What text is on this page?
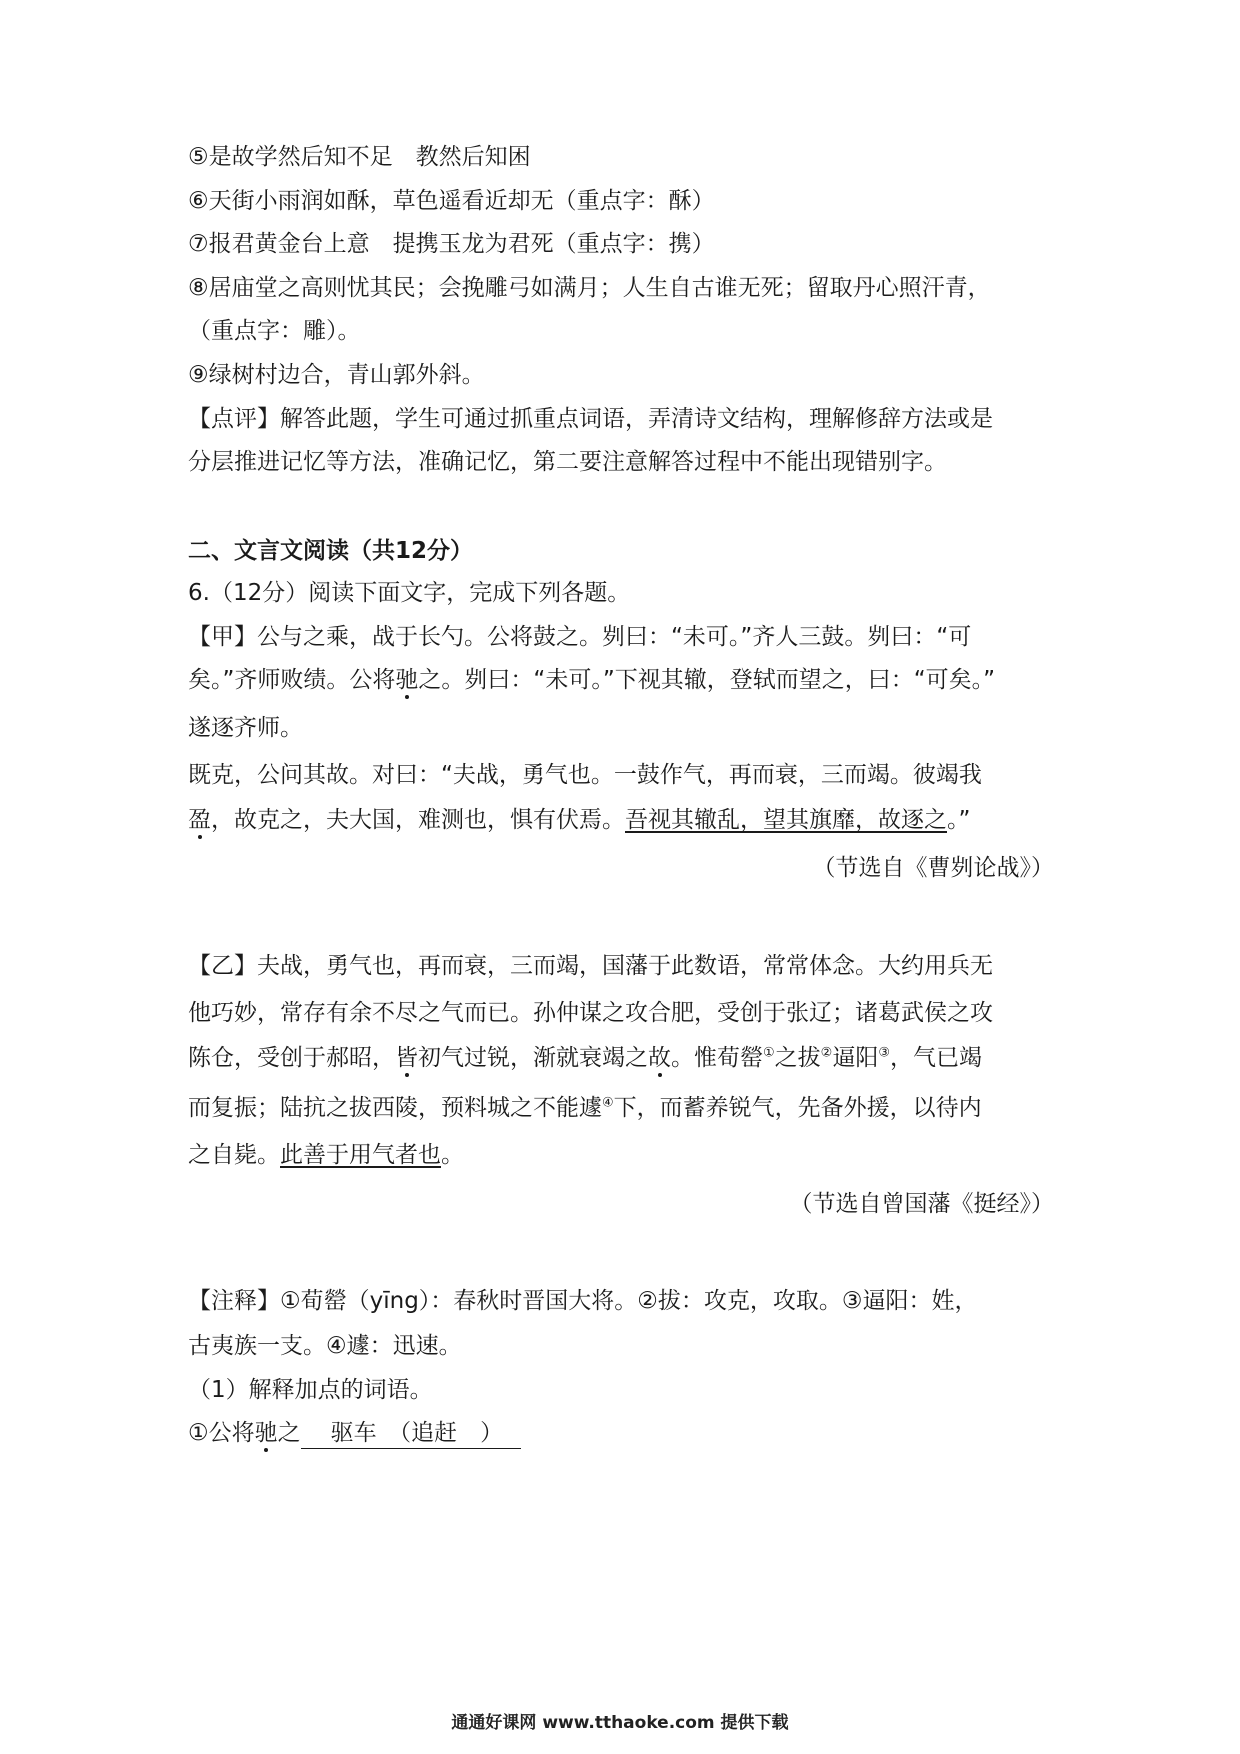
⑤是故学然后知不足　教然后知困
⑥天街小雨润如酥，草色遥看近却无（重点字：酥）
⑦报君黄金台上意　提携玉龙为君死（重点字：携）
⑧居庙堂之高则忧其民；会挽雕弓如满月；人生自古谁无死；留取丹心照汗青，
（重点字：雕）。
⑨绿树村边合，青山郭外斜。
【点评】解答此题，学生可通过抓重点词语，弄清诗文结构，理解修辞方法或是
分层推进记忆等方法，准确记忆，第二要注意解答过程中不能出现错别字。
二、文言文阅读（共12分）
6.（12分）阅读下面文字，完成下列各题。
【甲】公与之乘，战于长勺。公将鼓之。刿曰：“未可。”齐人三鼓。刿曰：“可
矣。”齐师败绩。公将驰之。刿曰：“未可。”下视其辙，登轼而望之，曰：“可矣。”
遂逐齐师。
既克，公问其故。对曰：“夫战，勇气也。一鼓作气，再而衰，三而竭。彼竭我
盈，故克之，夫大国，难测也，惧有伏焉。吾视其辙乱，望其旗靡，故逐之。”
（节选自《曹刿论战》）
【乙】夫战，勇气也，再而衰，三而竭，国藩于此数语，常常体念。大约用兵无
他巧妙，常存有余不尽之气而已。孙仲谋之攻合肥，受创于张辽；诸葛武侯之攻
陈仓，受创于郝昭，皆初气过锐，渐就衰竭之故。惟荀罃①之拔②逼阳③，气已竭
而复振；陆抗之拔西陵，预料城之不能遽④下，而蓄养锐气，先备外援，以待内
之自毙。此善于用气者也。
（节选自曾国藩《挺经》）
【注释】①荀罃（yīng）：春秋时晋国大将。②拔：攻克，攻取。③逼阳：姓，
古夷族一支。④遽：迅速。
（1）解释加点的词语。
①公将驰之 驱车　（追赶　）
通通好课网 www.tthaoke.com 提供下载
